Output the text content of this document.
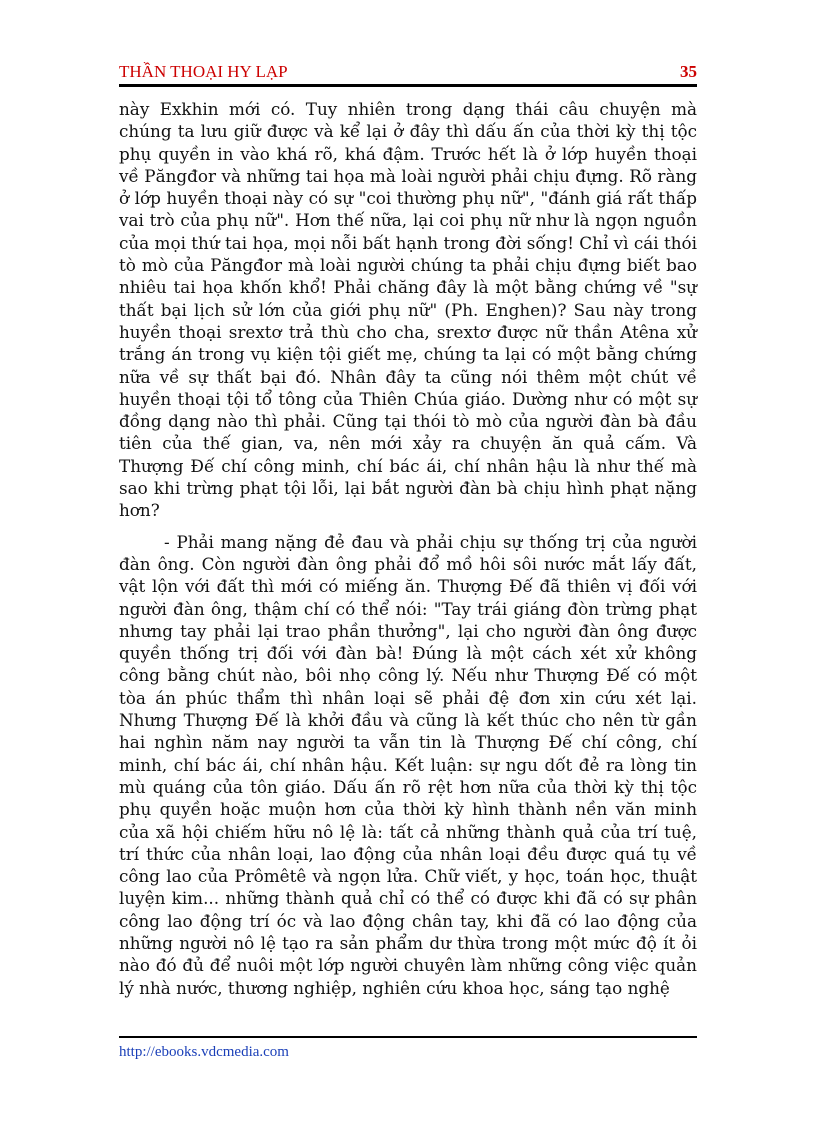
THẦN THOẠI HY LẠP	35

này Exkhin mới có. Tuy nhiên trong dạng thái câu chuyện mà chúng ta lưu giữ được và kể lại ở đây thì dấu ấn của thời kỳ thị tộc phụ quyền in vào khá rõ, khá đậm. Trước hết là ở lớp huyền thoại về Păngđor và những tai họa mà loài người phải chịu đựng. Rõ ràng ở lớp huyền thoại này có sự "coi thường phụ nữ", "đánh giá rất thấp vai trò của phụ nữ". Hơn thế nữa, lại coi phụ nữ như là ngọn nguồn của mọi thứ tai họa, mọi nỗi bất hạnh trong đời sống! Chỉ vì cái thói tò mò của Păngđor mà loài người chúng ta phải chịu đựng biết bao nhiêu tai họa khốn khổ! Phải chăng đây là một bằng chứng về "sự thất bại lịch sử lớn của giới phụ nữ" (Ph. Enghen)? Sau này trong huyền thoại srextơ trả thù cho cha, srextơ được nữ thần Atêna xử trắng án trong vụ kiện tội giết mẹ, chúng ta lại có một bằng chứng nữa về sự thất bại đó. Nhân đây ta cũng nói thêm một chút về huyền thoại tội tổ tông của Thiên Chúa giáo. Dường như có một sự đồng dạng nào thì phải. Cũng tại thói tò mò của người đàn bà đầu tiên của thế gian, va, nên mới xảy ra chuyện ăn quả cấm. Và Thượng Đế chí công minh, chí bác ái, chí nhân hậu là như thế mà sao khi trừng phạt tội lỗi, lại bắt người đàn bà chịu hình phạt nặng hơn?

- Phải mang nặng đẻ đau và phải chịu sự thống trị của người đàn ông. Còn người đàn ông phải đổ mồ hôi sôi nước mắt lấy đất, vật lộn với đất thì mới có miếng ăn. Thượng Đế đã thiên vị đối với người đàn ông, thậm chí có thể nói: "Tay trái giáng đòn trừng phạt nhưng tay phải lại trao phần thưởng", lại cho người đàn ông được quyền thống trị đối với đàn bà! Đúng là một cách xét xử không công bằng chút nào, bôi nhọ công lý. Nếu như Thượng Đế có một tòa án phúc thẩm thì nhân loại sẽ phải đệ đơn xin cứu xét lại. Nhưng Thượng Đế là khởi đầu và cũng là kết thúc cho nên từ gần hai nghìn năm nay người ta vẫn tin là Thượng Đế chí công, chí minh, chí bác ái, chí nhân hậu. Kết luận: sự ngu dốt đẻ ra lòng tin mù quáng của tôn giáo. Dấu ấn rõ rệt hơn nữa của thời kỳ thị tộc phụ quyền hoặc muộn hơn của thời kỳ hình thành nền văn minh của xã hội chiếm hữu nô lệ là: tất cả những thành quả của trí tuệ, trí thức của nhân loại, lao động của nhân loại đều được quá tụ về công lao của Prômêtê và ngọn lửa. Chữ viết, y học, toán học, thuật luyện kim... những thành quả chỉ có thể có được khi đã có sự phân công lao động trí óc và lao động chân tay, khi đã có lao động của những người nô lệ tạo ra sản phẩm dư thừa trong một mức độ ít ỏi nào đó đủ để nuôi một lớp người chuyên làm những công việc quản lý nhà nước, thương nghiệp, nghiên cứu khoa học, sáng tạo nghệ

http://ebooks.vdcmedia.com
